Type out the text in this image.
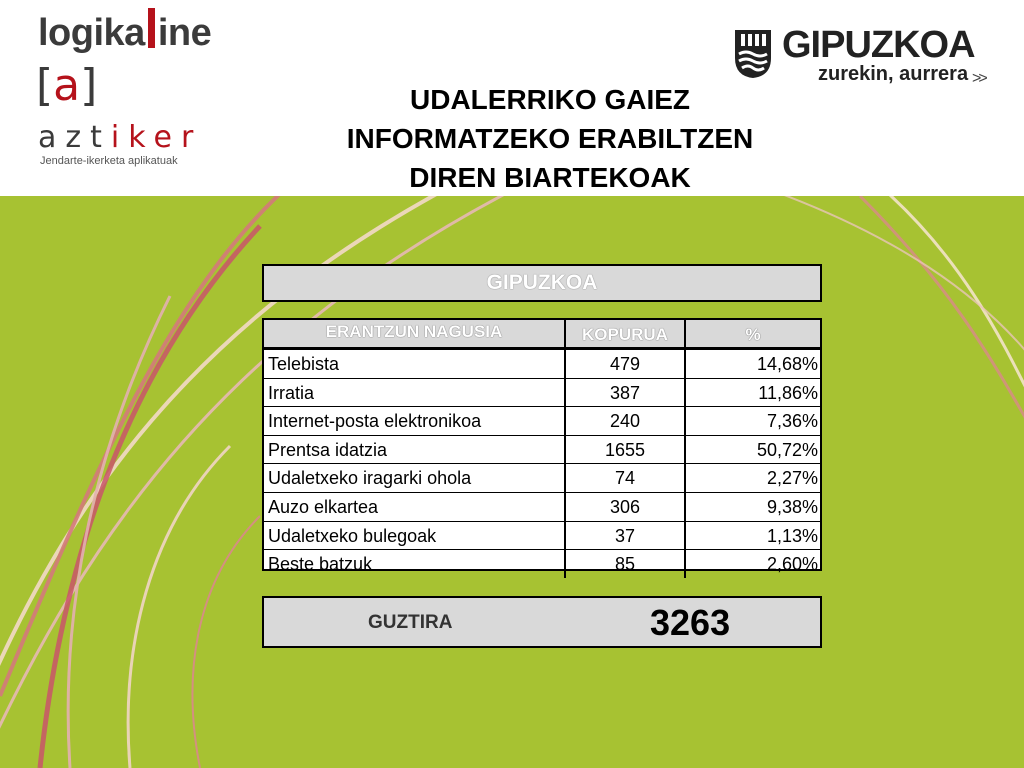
logika ine
[a]
aztiker
Jendarte-ikerketa aplikatuak
GIPUZKOA
zurekin, aurrera >>
UDALERRIKO GAIEZ
INFORMATZEKO ERABILTZEN
DIREN BIARTEKOAK
GIPUZKOA
ERANTZUN NAGUSIA	KOPURUA	%
Telebista	479	14,68%
Irratia	387	11,86%
Internet-posta elektronikoa	240	7,36%
Prentsa idatzia	1655	50,72%
Udaletxeko iragarki ohola	74	2,27%
Auzo elkartea	306	9,38%
Udaletxeko bulegoak	37	1,13%
Beste batzuk	85	2,60%
GUZTIRA	3263
